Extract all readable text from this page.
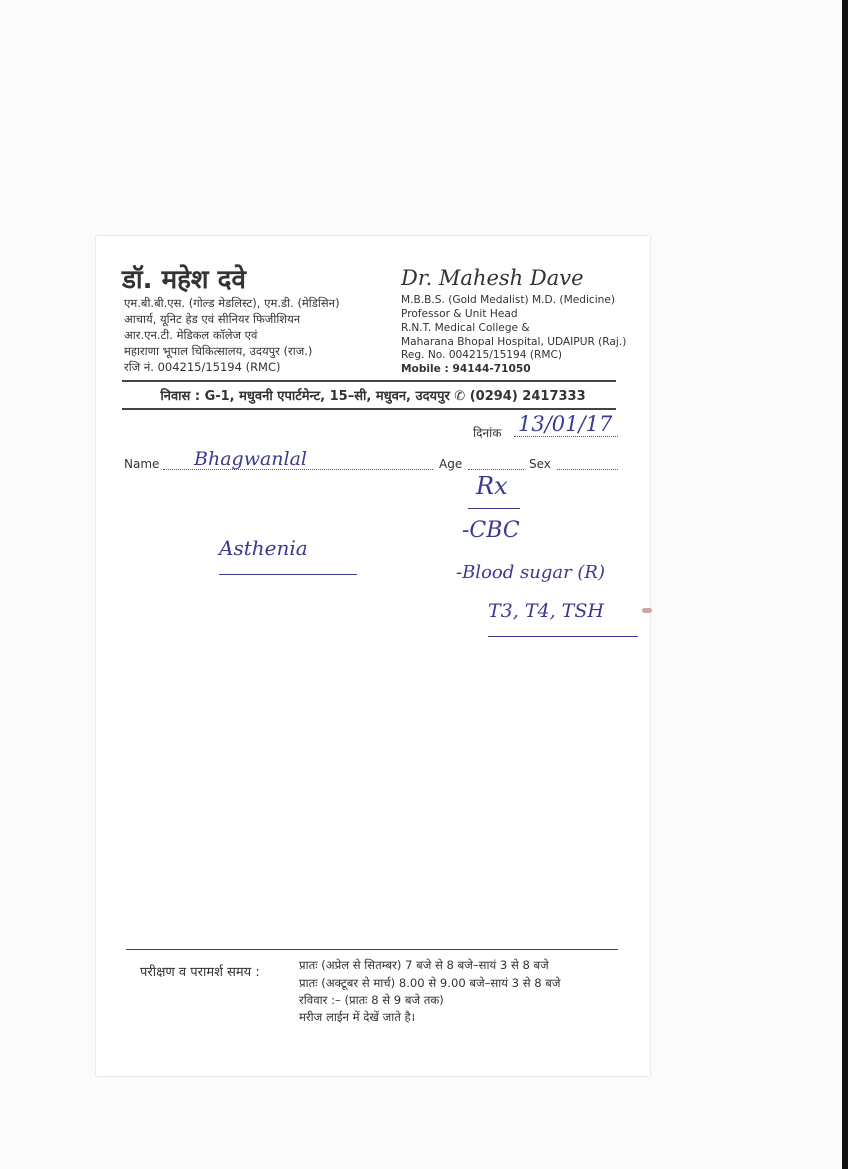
डॉ. महेश दवे
एम.बी.बी.एस. (गोल्ड मेडलिस्ट), एम.डी. (मेडिसिन)
आचार्य, यूनिट हेड एवं सीनियर फिजीशियन
आर.एन.टी. मेडिकल कॉलेज एवं
महाराणा भूपाल चिकित्सालय, उदयपुर (राज.)
रजि नं. 004215/15194 (RMC)
Dr. Mahesh Dave
M.B.B.S. (Gold Medalist) M.D. (Medicine)
Professor & Unit Head
R.N.T. Medical College &
Maharana Bhopal Hospital, UDAIPUR (Raj.)
Reg. No. 004215/15194 (RMC)
Mobile : 94144-71050
निवास : G-1, मधुवनी एपार्टमेन्ट, 15–सी, मधुवन, उदयपुर ✆ (0294) 2417333
दिनांक 13/01/17
Name Bhagwanlal	Age	Sex
Asthenia
Rx
-CBC
-Blood sugar (R)
T3, T4, TSH
परीक्षण व परामर्श समय :	प्रातः (अप्रेल से सितम्बर) 7 बजे से 8 बजे–सायं 3 से 8 बजे
प्रातः (अक्टूबर से मार्च) 8.00 से 9.00 बजे–सायं 3 से 8 बजे
रविवार :– (प्रातः 8 से 9 बजे तक)
मरीज लाईन में देखें जाते है।
